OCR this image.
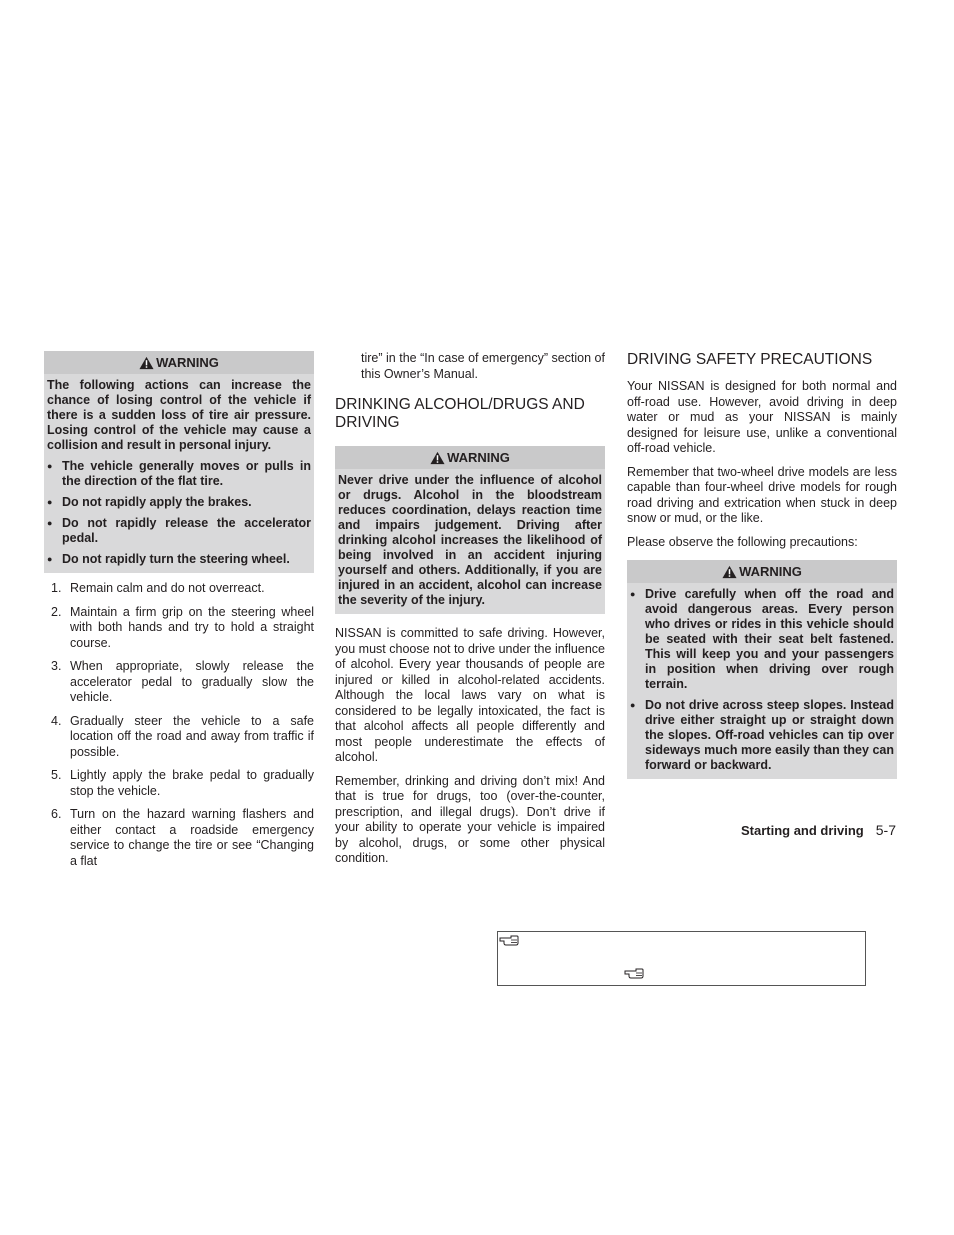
WARNING

The following actions can increase the chance of losing control of the vehicle if there is a sudden loss of tire air pressure. Losing control of the vehicle may cause a collision and result in personal injury.

● The vehicle generally moves or pulls in the direction of the flat tire.
● Do not rapidly apply the brakes.
● Do not rapidly release the accelerator pedal.
● Do not rapidly turn the steering wheel.
1. Remain calm and do not overreact.
2. Maintain a firm grip on the steering wheel with both hands and try to hold a straight course.
3. When appropriate, slowly release the accelerator pedal to gradually slow the vehicle.
4. Gradually steer the vehicle to a safe location off the road and away from traffic if possible.
5. Lightly apply the brake pedal to gradually stop the vehicle.
6. Turn on the hazard warning flashers and either contact a roadside emergency service to change the tire or see “Changing a flat

tire” in the “In case of emergency” section of this Owner’s Manual.

DRINKING ALCOHOL/DRUGS AND DRIVING
WARNING

Never drive under the influence of alcohol or drugs. Alcohol in the bloodstream reduces coordination, delays reaction time and impairs judgement. Driving after drinking alcohol increases the likelihood of being involved in an accident injuring yourself and others. Additionally, if you are injured in an accident, alcohol can increase the severity of the injury.

NISSAN is committed to safe driving. However, you must choose not to drive under the influence of alcohol. Every year thousands of people are injured or killed in alcohol-related accidents. Although the local laws vary on what is considered to be legally intoxicated, the fact is that alcohol affects all people differently and most people underestimate the effects of alcohol.

Remember, drinking and driving don’t mix! And that is true for drugs, too (over-the-counter, prescription, and illegal drugs). Don’t drive if your ability to operate your vehicle is impaired by alcohol, drugs, or some other physical condition.

DRIVING SAFETY PRECAUTIONS

Your NISSAN is designed for both normal and off-road use. However, avoid driving in deep water or mud as your NISSAN is mainly designed for leisure use, unlike a conventional off-road vehicle.

Remember that two-wheel drive models are less capable than four-wheel drive models for rough road driving and extrication when stuck in deep snow or mud, or the like.

Please observe the following precautions:

WARNING
● Drive carefully when off the road and avoid dangerous areas. Every person who drives or rides in this vehicle should be seated with their seat belt fastened. This will keep you and your passengers in position when driving over rough terrain.
● Do not drive across steep slopes. Instead drive either straight up or straight down the slopes. Off-road vehicles can tip over sideways much more easily than they can forward or backward.
Starting and driving 5-7
